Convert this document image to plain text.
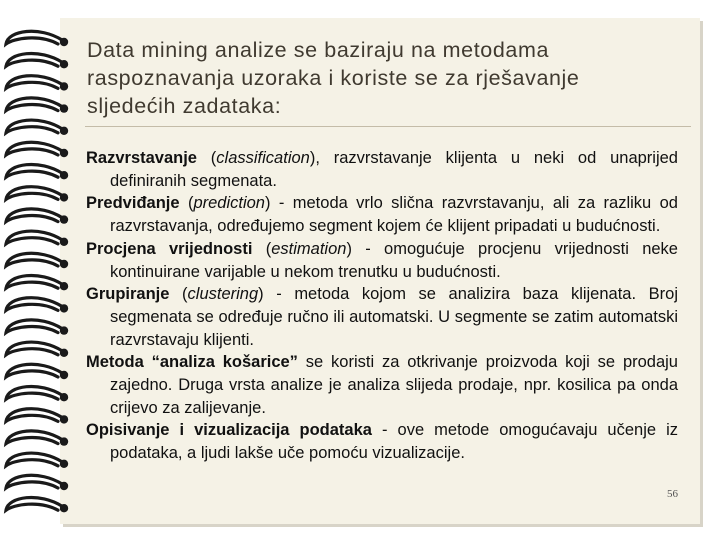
Data mining analize se baziraju na metodama
raspoznavanja uzoraka i koriste se za rješavanje
sljedećih zadataka:
Razvrstavanje (classification), razvrstavanje klijenta u neki od unaprijed definiranih segmenata.
Predviđanje (prediction) - metoda vrlo slična razvrstavanju, ali za razliku od razvrstavanja, određujemo segment kojem će klijent pripadati u budućnosti.
Procjena vrijednosti (estimation) - omogućuje procjenu vrijednosti neke kontinuirane varijable u nekom trenutku u budućnosti.
Grupiranje (clustering) - metoda kojom se analizira baza klijenata. Broj segmenata se određuje ručno ili automatski. U segmente se zatim automatski razvrstavaju klijenti.
Metoda “analiza košarice” se koristi za otkrivanje proizvoda koji se prodaju zajedno. Druga vrsta analize je analiza slijeda prodaje, npr. kosilica pa onda crijevo za zalijevanje.
Opisivanje i vizualizacija podataka - ove metode omogućavaju učenje iz podataka, a ljudi lakše uče pomoću vizualizacije.
56
